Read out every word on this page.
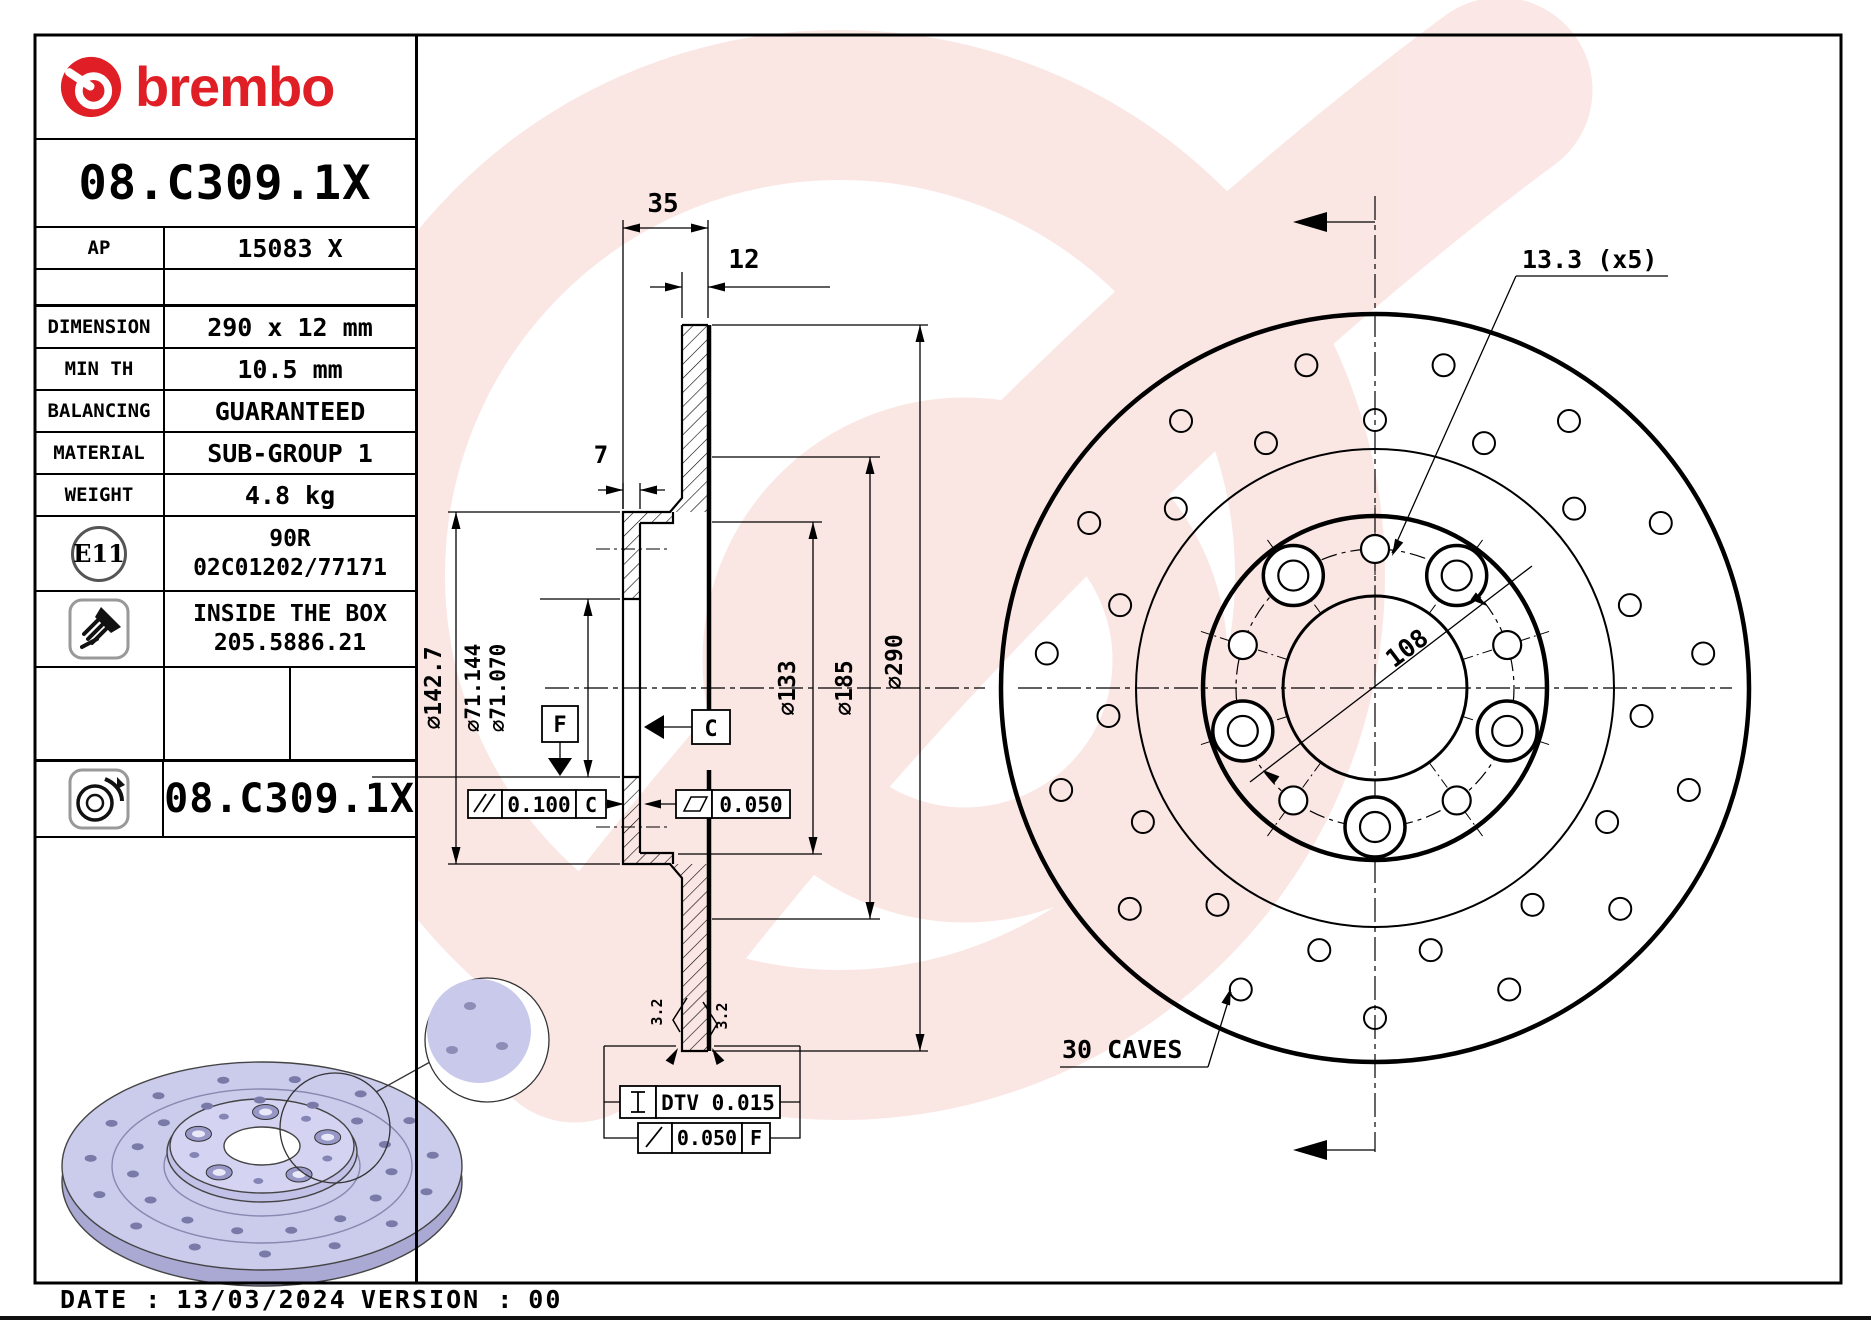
35
12
7
⌀142.7 ⌀71.144 ⌀71.070	⌀133 ⌀185 ⌀290
F	C
0.100 C	0.050
3.2	3.2
DTV 0.015
0.050 F
13.3 (x5)
108
30 CAVES
brembo
08.C309.1X
AP	15083 X
DIMENSION	290 x 12 mm
MIN TH	10.5 mm
BALANCING	GUARANTEED
MATERIAL	SUB-GROUP 1
WEIGHT	4.8 kg
E11
90R
02C01202/77171
INSIDE THE BOX
205.5886.21
08.C309.1X
DATE : 13/03/2024 VERSION : 00
